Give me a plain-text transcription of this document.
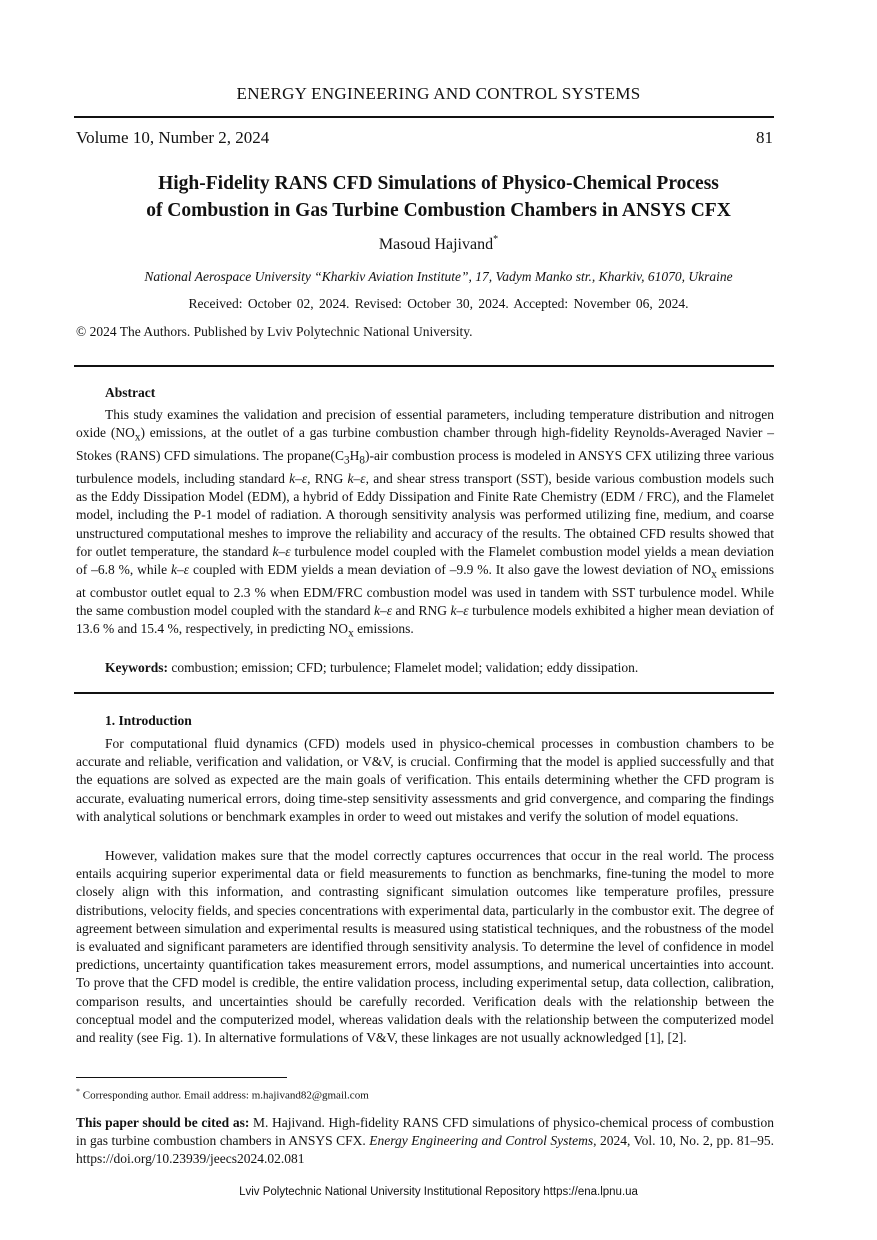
ENERGY ENGINEERING AND CONTROL SYSTEMS
Volume 10, Number 2, 2024	81
High-Fidelity RANS CFD Simulations of Physico-Chemical Process
of Combustion in Gas Turbine Combustion Chambers in ANSYS CFX
Masoud Hajivand*
National Aerospace University “Kharkiv Aviation Institute”, 17, Vadym Manko str., Kharkiv, 61070, Ukraine
Received: October 02, 2024. Revised: October 30, 2024. Accepted: November 06, 2024.
© 2024 The Authors. Published by Lviv Polytechnic National University.
Abstract
This study examines the validation and precision of essential parameters, including temperature distribution and nitrogen oxide $(NO_x)$ emissions, at the outlet of a gas turbine combustion chamber through high-fidelity Reynolds-Averaged Navier – Stokes (RANS) CFD simulations. The $propane(C_3H_8)$-air combustion process is modeled in ANSYS CFX utilizing three various turbulence models, including standard k–ε, RNG k–ε, and shear stress transport (SST), beside various combustion models such as the Eddy Dissipation Model (EDM), a hybrid of Eddy Dissipation and Finite Rate Chemistry (EDM / FRC), and the Flamelet model, including the P-1 model of radiation. A thorough sensitivity analysis was performed utilizing fine, medium, and coarse unstructured computational meshes to improve the reliability and accuracy of the results. The obtained CFD results showed that for outlet temperature, the standard k–ε turbulence model coupled with the Flamelet combustion model yields a mean deviation of –6.8 %, while k–ε coupled with EDM yields a mean deviation of –9.9 %. It also gave the lowest deviation of $NO_x$ emissions at combustor outlet equal to 2.3 % when EDM/FRC combustion model was used in tandem with SST turbulence model. While the same combustion model coupled with the standard k–ε and RNG k–ε turbulence models exhibited a higher mean deviation of 13.6 % and 15.4 %, respectively, in predicting $NO_x$ emissions.
Keywords: combustion; emission; CFD; turbulence; Flamelet model; validation; eddy dissipation.
1. Introduction
For computational fluid dynamics (CFD) models used in physico-chemical processes in combustion chambers to be accurate and reliable, verification and validation, or V&V, is crucial. Confirming that the model is applied successfully and that the equations are solved as expected are the main goals of verification. This entails determining whether the CFD program is accurate, evaluating numerical errors, doing time-step sensitivity assessments and grid convergence, and comparing the findings with analytical solutions or benchmark examples in order to weed out mistakes and verify the solution of model equations.
However, validation makes sure that the model correctly captures occurrences that occur in the real world. The process entails acquiring superior experimental data or field measurements to function as benchmarks, fine-tuning the model to more closely align with this information, and contrasting significant simulation outcomes like temperature profiles, pressure distributions, velocity fields, and species concentrations with experimental data, particularly in the combustor exit. The degree of agreement between simulation and experimental results is measured using statistical techniques, and the robustness of the model is evaluated and significant parameters are identified through sensitivity analysis. To determine the level of confidence in model predictions, uncertainty quantification takes measurement errors, model assumptions, and numerical uncertainties into account. To prove that the CFD model is credible, the entire validation process, including experimental setup, data collection, calibration, comparison results, and uncertainties should be carefully recorded. Verification deals with the relationship between the conceptual model and the computerized model, whereas validation deals with the relationship between the computerized model and reality (see Fig. 1). In alternative formulations of V&V, these linkages are not usually acknowledged [1], [2].
* Corresponding author. Email address: m.hajivand82@gmail.com
This paper should be cited as: M. Hajivand. High-fidelity RANS CFD simulations of physico-chemical process of combustion in gas turbine combustion chambers in ANSYS CFX. Energy Engineering and Control Systems, 2024, Vol. 10, No. 2, pp. 81–95. https://doi.org/10.23939/jeecs2024.02.081
Lviv Polytechnic National University Institutional Repository https://ena.lpnu.ua
